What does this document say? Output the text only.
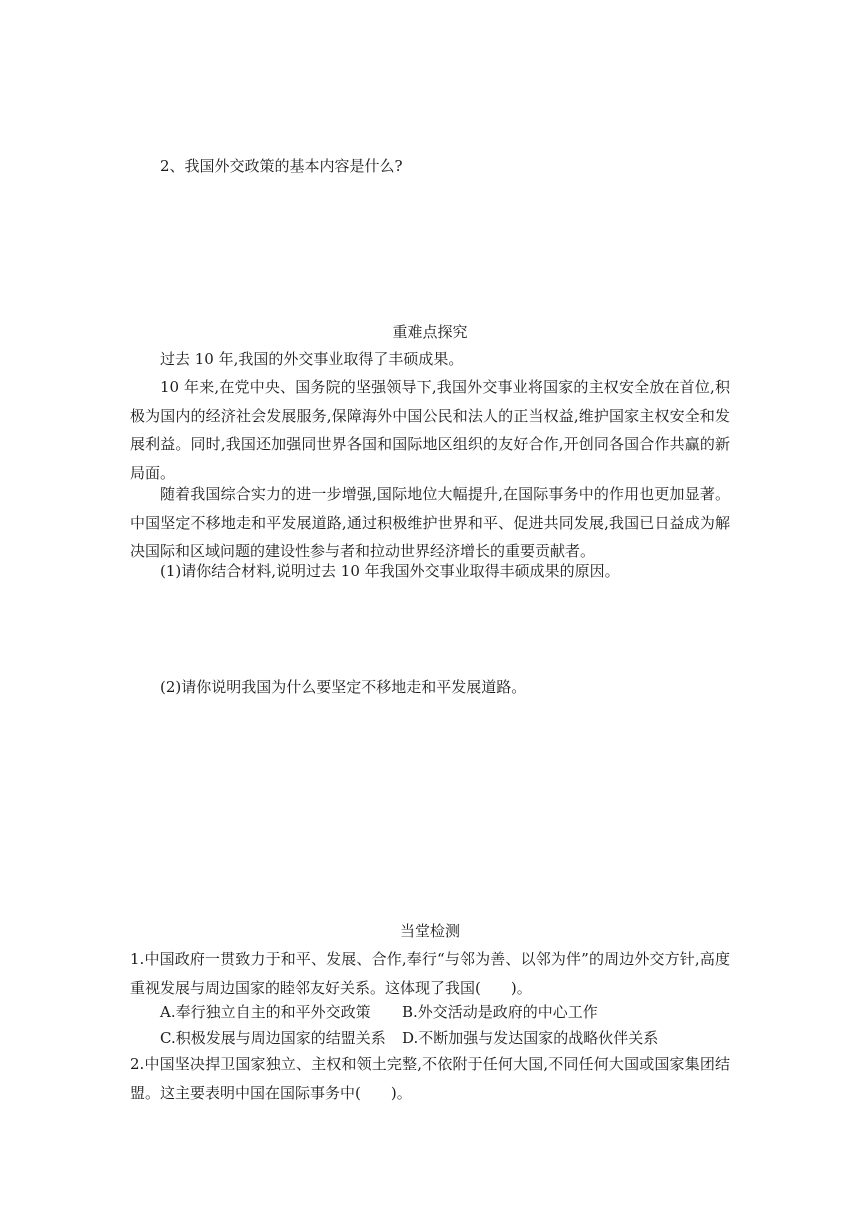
2、我国外交政策的基本内容是什么?
重难点探究
过去 10 年,我国的外交事业取得了丰硕成果。
10 年来,在党中央、国务院的坚强领导下,我国外交事业将国家的主权安全放在首位,积极为国内的经济社会发展服务,保障海外中国公民和法人的正当权益,维护国家主权安全和发展利益。同时,我国还加强同世界各国和国际地区组织的友好合作,开创同各国合作共赢的新局面。
随着我国综合实力的进一步增强,国际地位大幅提升,在国际事务中的作用也更加显著。中国坚定不移地走和平发展道路,通过积极维护世界和平、促进共同发展,我国已日益成为解决国际和区域问题的建设性参与者和拉动世界经济增长的重要贡献者。
(1)请你结合材料,说明过去 10 年我国外交事业取得丰硕成果的原因。
(2)请你说明我国为什么要坚定不移地走和平发展道路。
当堂检测
1.中国政府一贯致力于和平、发展、合作,奉行“与邻为善、以邻为伴”的周边外交方针,高度重视发展与周边国家的睦邻友好关系。这体现了我国(　　)。
A.奉行独立自主的和平外交政策 B.外交活动是政府的中心工作
C.积极发展与周边国家的结盟关系 D.不断加强与发达国家的战略伙伴关系
2.中国坚决捍卫国家独立、主权和领土完整,不依附于任何大国,不同任何大国或国家集团结盟。这主要表明中国在国际事务中(　　)。
